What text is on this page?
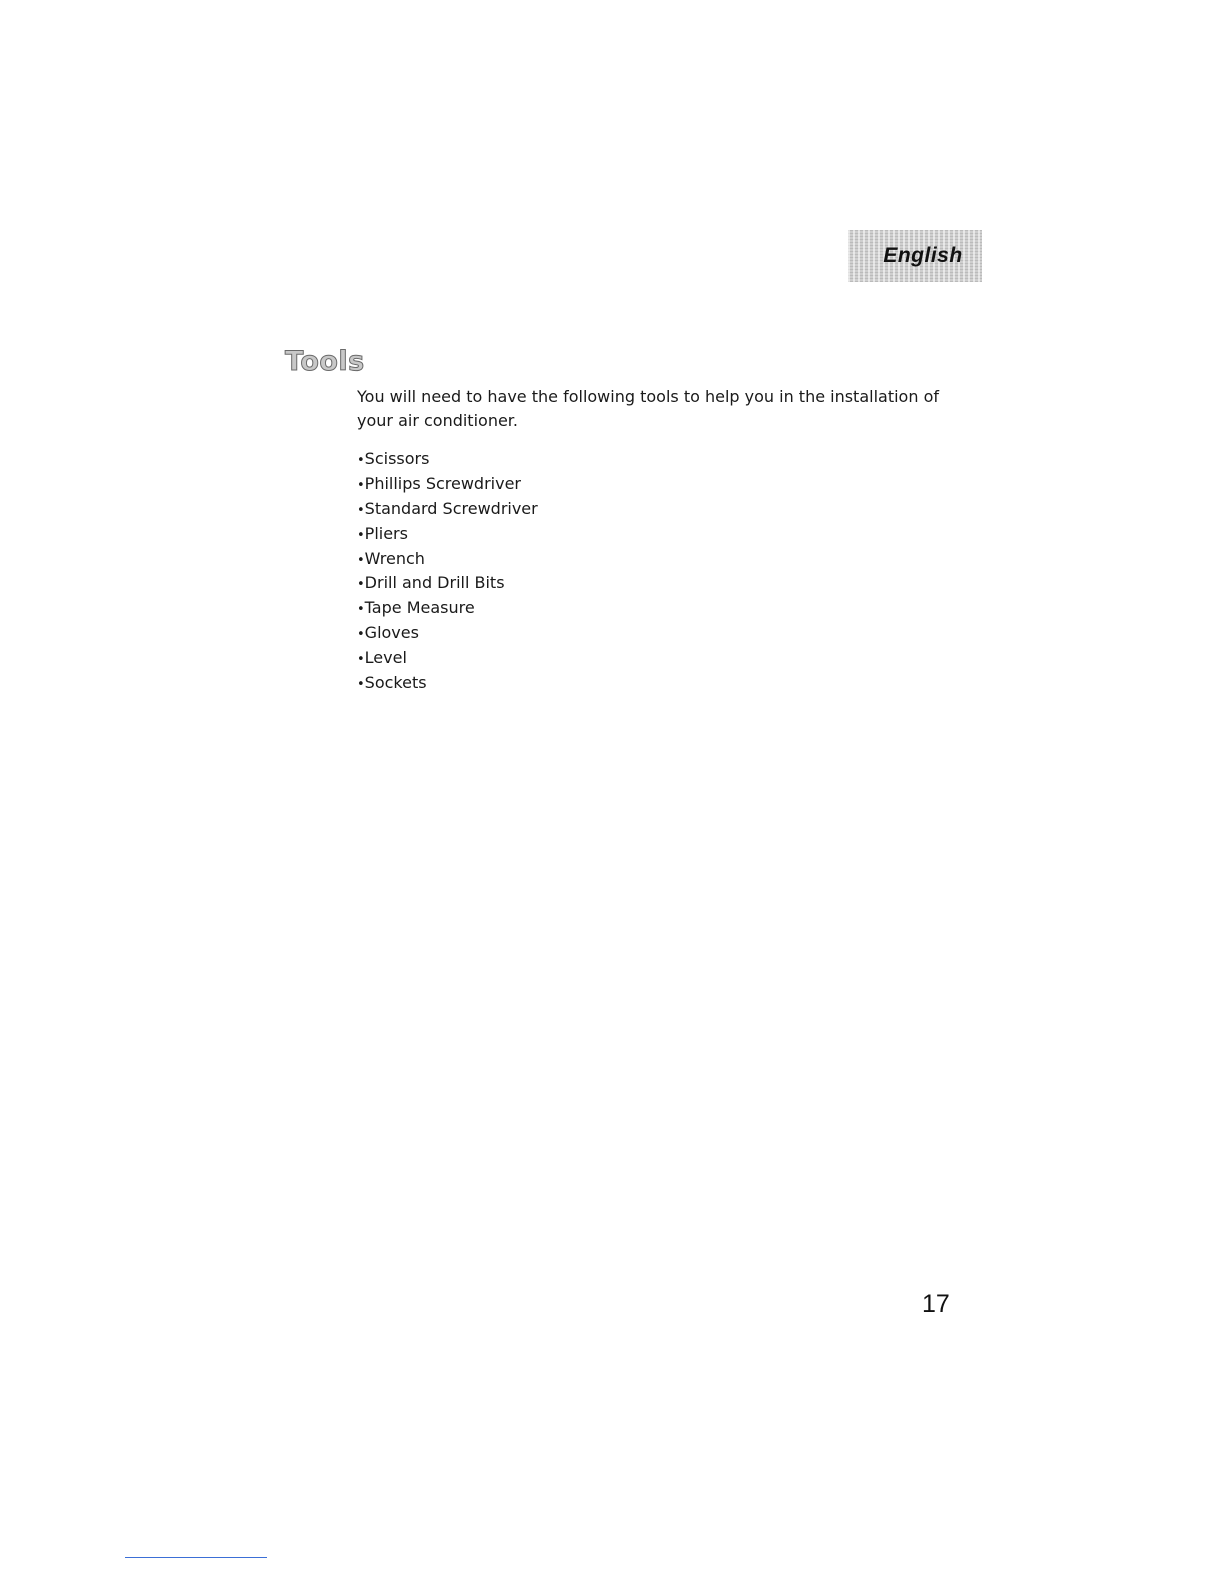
English
Tools

You will need to have the following tools to help you in the installation of your air conditioner.

•Scissors
•Phillips Screwdriver
•Standard Screwdriver
•Pliers
•Wrench
•Drill and Drill Bits
•Tape Measure
•Gloves
•Level
•Sockets
17
